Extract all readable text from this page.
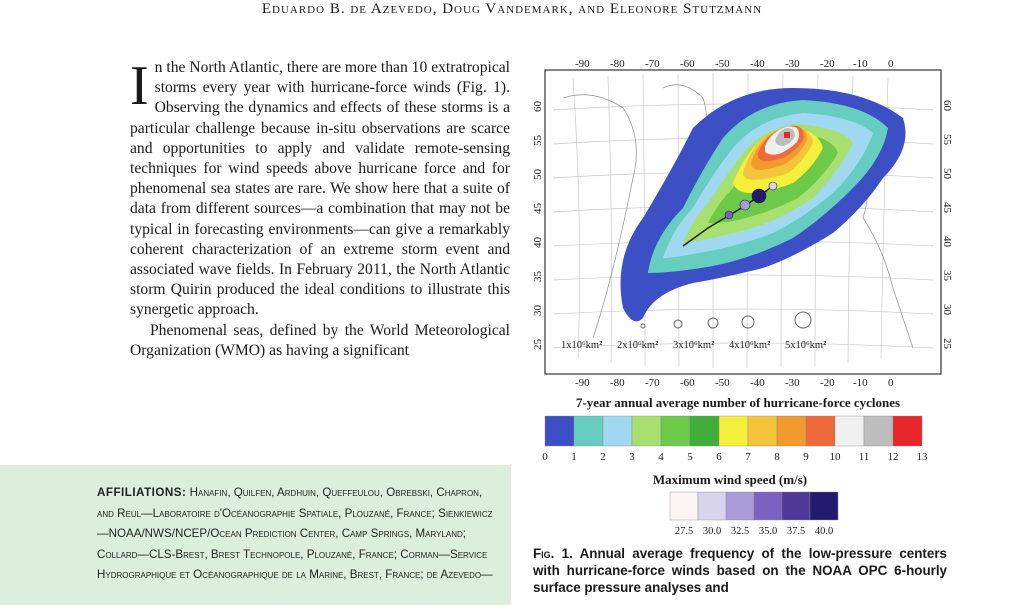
Eduardo B. de Azevedo, Doug Vandemark, and Eleonore Stutzmann

In the North Atlantic, there are more than 10 extratropical storms every year with hurricane-force winds (Fig. 1). Observing the dynamics and effects of these storms is a particular challenge because in-situ observations are scarce and opportunities to apply and validate remote-sensing techniques for wind speeds above hurricane force and for phenomenal sea states are rare. We show here that a suite of data from different sources—a combination that may not be typical in forecasting environments—can give a remarkably coherent characterization of an extreme storm event and associated wave fields. In February 2011, the North Atlantic storm Quirin produced the ideal conditions to illustrate this synergetic approach.

Phenomenal seas, defined by the World Meteorological Organization (WMO) as having a significant

AFFILIATIONS: Hanafin, Quilfen, Ardhuin, Queffeulou, Obrebski, Chapron, and Reul—Laboratoire d'Océanographie Spatiale, Plouzané, France; Sienkiewicz—NOAA/NWS/NCEP/Ocean Prediction Center, Camp Springs, Maryland; Collard—CLS-Brest, Brest Technopole, Plouzané, France; Corman—Service Hydrographique et Océanographique de la Marine, Brest, France; de Azevedo—
-90 -80 -70 -60 -50 -40 -30 -20 -10 0
-90 -80 -70 -60 -50 -40 -30 -20 -10 0
60
55
50
45
40
35
30
25
60
55
50
45
40
35
30
25
1x10⁶km² 2x10⁶km² 3x10⁶km² 4x10⁶km² 5x10⁶km²
7-year annual average number of hurricane-force cyclones
0 1 2 3 4 5 6 7 8 9 10 11 12 13
Maximum wind speed (m/s)
27.5 30.0 32.5 35.0 37.5 40.0
Fig. 1. Annual average frequency of the low-pressure centers with hurricane-force winds based on the NOAA OPC 6-hourly surface pressure analyses and
